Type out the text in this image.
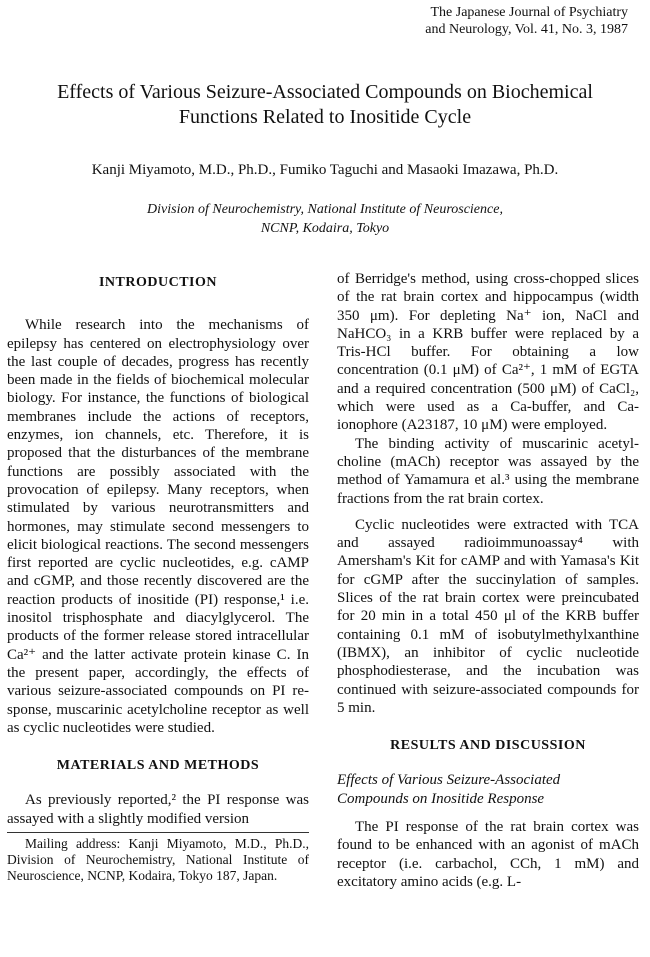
The Japanese Journal of Psychiatry
and Neurology, Vol. 41, No. 3, 1987
Effects of Various Seizure-Associated Compounds on Biochemical
Functions Related to Inositide Cycle
Kanji Miyamoto, M.D., Ph.D., Fumiko Taguchi and Masaoki Imazawa, Ph.D.
Division of Neurochemistry, National Institute of Neuroscience,
NCNP, Kodaira, Tokyo
INTRODUCTION

While research into the mechanisms of epilepsy has centered on electrophysiology over the last couple of decades, progress has recently been made in the fields of biochemical molecular biology. For instance, the functions of biological membranes include the actions of receptors, enzymes, ion channels, etc. Therefore, it is proposed that the disturbances of the membrane functions are possibly associated with the provocation of epilepsy. Many receptors, when stimulated by various neurotransmitters and hormones, may stimulate second messengers to elicit biological reactions. The second messengers first reported are cyclic nucleotides, e.g. cAMP and cGMP, and those recently discovered are the reaction products of inositide (PI) response,¹ i.e. inositol trisphosphate and diacylglycerol. The products of the former release stored intracellular Ca²⁺ and the latter activate protein kinase C. In the present paper, accordingly, the effects of various seizure-associated compounds on PI response, muscarinic acetylcholine receptor as well as cyclic nucleotides were studied.

MATERIALS AND METHODS

As previously reported,² the PI response was assayed with a slightly modified version

Mailing address: Kanji Miyamoto, M.D., Ph.D., Division of Neurochemistry, National Institute of Neuroscience, NCNP, Kodaira, Tokyo 187, Japan.

of Berridge's method, using cross-chopped slices of the rat brain cortex and hippocampus (width 350 μm). For depleting Na⁺ ion, NaCl and NaHCO₃ in a KRB buffer were replaced by a Tris-HCl buffer. For obtaining a low concentration (0.1 μM) of Ca²⁺, 1 mM of EGTA and a required concentration (500 μM) of CaCl₂, which were used as a Ca-buffer, and Ca-ionophore (A23187, 10 μM) were employed.

The binding activity of muscarinic acetylcholine (mACh) receptor was assayed by the method of Yamamura et al.³ using the membrane fractions from the rat brain cortex.

Cyclic nucleotides were extracted with TCA and assayed radioimmunoassay⁴ with Amersham's Kit for cAMP and with Yamasa's Kit for cGMP after the succinylation of samples. Slices of the rat brain cortex were preincubated for 20 min in a total 450 μl of the KRB buffer containing 0.1 mM of isobutylmethylxanthine (IBMX), an inhibitor of cyclic nucleotide phosphodiesterase, and the incubation was continued with seizure-associated compounds for 5 min.

RESULTS AND DISCUSSION
Effects of Various Seizure-Associated
Compounds on Inositide Response

The PI response of the rat brain cortex was found to be enhanced with an agonist of mACh receptor (i.e. carbachol, CCh, 1 mM) and excitatory amino acids (e.g. L-
